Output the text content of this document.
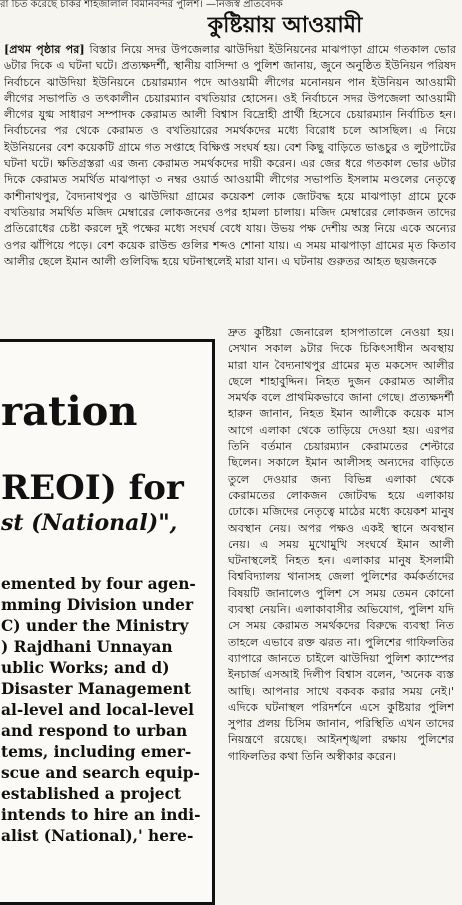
রা চিত করেছে চাকর শাহজালাল বিমানবন্দর পুলিশ। —নিজস্ব প্রতিবেদক
কুষ্টিয়ায় আওয়ামী
[প্রথম পৃষ্ঠার পর] বিস্তার নিয়ে সদর উপজেলার ঝাউদিয়া ইউনিয়নের মাঝপাড়া গ্রামে গতকাল ভোর ৬টার দিকে এ ঘটনা ঘটে। প্রত্যক্ষদর্শী, স্থানীয় বাসিন্দা ও পুলিশ জানায়, জুনে অনুষ্ঠিত ইউনিয়ন পরিষদ নির্বাচনে ঝাউদিয়া ইউনিয়নে চেয়ারম্যান পদে আওয়ামী লীগের মনোনয়ন পান ইউনিয়ন আওয়ামী লীগের সভাপতি ও তৎকালীন চেয়ারম্যান বখতিয়ার হোসেন। ওই নির্বাচনে সদর উপজেলা আওয়ামী লীগের যুগ্ম সাধারণ সম্পাদক কেরামত আলী বিশ্বাস বিদ্রোহী প্রার্থী হিসেবে চেয়ারম্যান নির্বাচিত হন। নির্বাচনের পর থেকে কেরামত ও বখতিয়ারের সমর্থকদের মধ্যে বিরোধ চলে আসছিল। এ নিয়ে ইউনিয়নের বেশ কয়েকটি গ্রামে গত সপ্তাহে বিক্ষিপ্ত সংঘর্ষ হয়। বেশ কিছু বাড়িতে ভাঙচুর ও লুটপাটের ঘটনা ঘটে। ক্ষতিগ্রস্তরা এর জন্য কেরামত সমর্থকদের দায়ী করেন। এর জের ধরে গতকাল ভোর ৬টার দিকে কেরামত সমর্থিত মাঝপাড়া ৩ নম্বর ওয়ার্ড আওয়ামী লীগের সভাপতি ইসলাম মণ্ডলের নেতৃত্বে কাশীনাথপুর, বৈদ্যনাথপুর ও ঝাউদিয়া গ্রামের কয়েকশ লোক জোটবদ্ধ হয়ে মাঝপাড়া গ্রামে ঢুকে বখতিয়ার সমর্থিত মজিদ মেম্বারের লোকজনের ওপর হামলা চালায়। মজিদ মেম্বারের লোকজন তাদের প্রতিরোধের চেষ্টা করলে দুই পক্ষের মধ্যে সংঘর্ষ বেধে যায়। উভয় পক্ষ দেশীয় অস্ত্র নিয়ে একে অন্যের ওপর ঝাঁপিয়ে পড়ে। বেশ কয়েক রাউন্ড গুলির শব্দও শোনা যায়। এ সময় মাঝপাড়া গ্রামের মৃত কিতাব আলীর ছেলে ইমান আলী গুলিবিদ্ধ হয়ে ঘটনাস্থলেই মারা যান। এ ঘটনায় গুরুতর আহত ছয়জনকে
দ্রুত কুষ্টিয়া জেনারেল হাসপাতালে নেওয়া হয়। সেখান সকাল ৯টার দিকে চিকিৎসাধীন অবস্থায় মারা যান বৈদ্যনাথপুর গ্রামের মৃত মকসেদ আলীর ছেলে শাহাবুদ্দিন। নিহত দুজন কেরামত আলীর সমর্থক বলে প্রাথমিকভাবে জানা গেছে। প্রত্যক্ষদর্শী হারুন জানান, নিহত ইমান আলীকে কয়েক মাস আগে এলাকা থেকে তাড়িয়ে দেওয়া হয়। এরপর তিনি বর্তমান চেয়ারম্যান কেরামতের শেল্টারে ছিলেন। সকালে ইমান আলীসহ অন্যদের বাড়িতে তুলে দেওয়ার জন্য বিভিন্ন এলাকা থেকে কেরামতের লোকজন জোটবদ্ধ হয়ে এলাকায় ঢোকে। মজিদের নেতৃত্বে মাঠের মধ্যে কয়েকশ মানুষ অবস্থান নেয়। অপর পক্ষও একই স্থানে অবস্থান নেয়। এ সময় মুখোমুখি সংঘর্ষে ইমান আলী ঘটনাস্থলেই নিহত হন। এলাকার মানুষ ইসলামী বিশ্ববিদ্যালয় থানাসহ জেলা পুলিশের কর্মকর্তাদের বিষয়টি জানালেও পুলিশ সে সময় তেমন কোনো ব্যবস্থা নেয়নি। এলাকাবাসীর অভিযোগ, পুলিশ যদি সে সময় কেরামত সমর্থকদের বিরুদ্ধে ব্যবস্থা নিত তাহলে এভাবে রক্ত ঝরত না। পুলিশের গাফিলতির ব্যাপারে জানতে চাইলে ঝাউদিয়া পুলিশ ক্যাম্পের ইনচার্জ এসআই দিলীপ বিশ্বাস বলেন, 'অনেক ব্যস্ত আছি। আপনার সাথে বকবক করার সময় নেই।' এদিকে ঘটনাস্থল পরিদর্শনে এসে কুষ্টিয়ার পুলিশ সুপার প্রলয় চিসিম জানান, পরিস্থিতি এখন তাদের নিয়ন্ত্রণে রয়েছে। আইনশৃঙ্খলা রক্ষায় পুলিশের গাফিলতির কথা তিনি অস্বীকার করেন।
ration
REOI) for
st (National)",
emented by four agen-
mming Division under
C) under the Ministry
) Rajdhani Unnayan
ublic Works; and d)
Disaster Management
al-level and local-level
and respond to urban
tems, including emer-
scue and search equip-
established a project
intends to hire an indi-
alist (National),' here-
